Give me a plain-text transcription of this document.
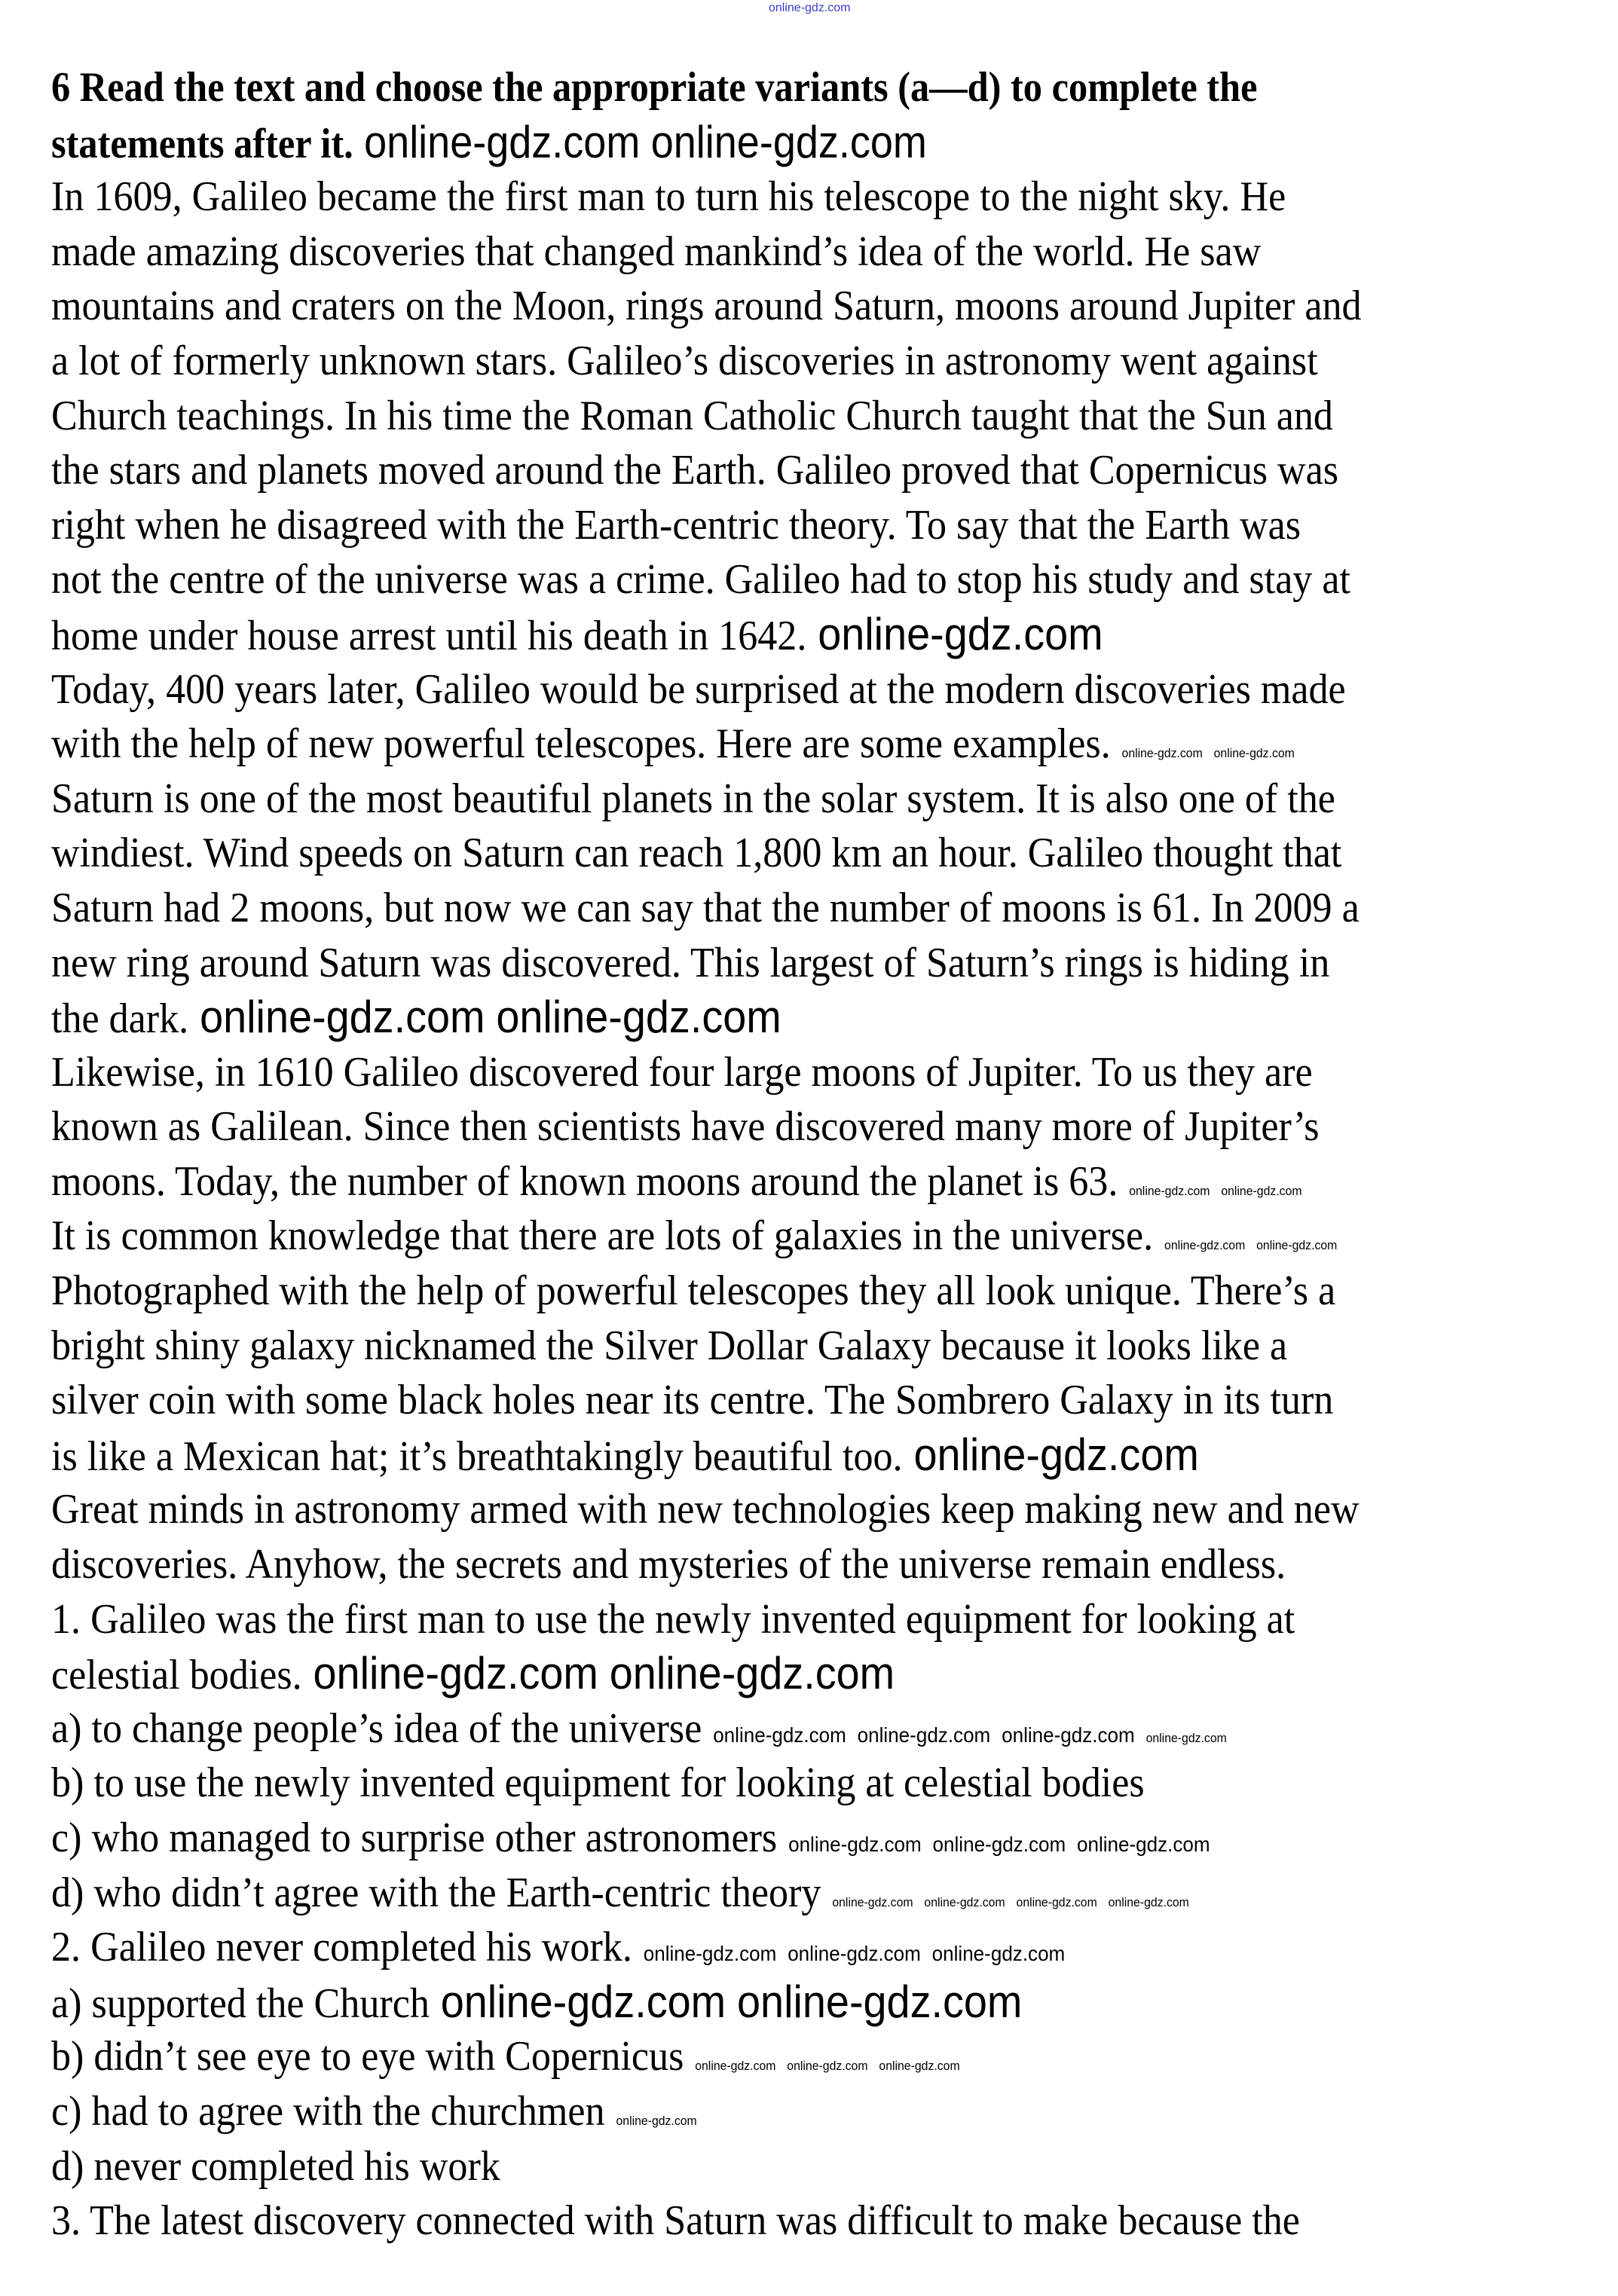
online-gdz.com
6 Read the text and choose the appropriate variants (a—d) to complete the
statements after it. online-gdz.com online-gdz.com
In 1609, Galileo became the first man to turn his telescope to the night sky. He
made amazing discoveries that changed mankind’s idea of the world. He saw
mountains and craters on the Moon, rings around Saturn, moons around Jupiter and
a lot of formerly unknown stars. Galileo’s discoveries in astronomy went against
Church teachings. In his time the Roman Catholic Church taught that the Sun and
the stars and planets moved around the Earth. Galileo proved that Copernicus was
right when he disagreed with the Earth-centric theory. To say that the Earth was
not the centre of the universe was a crime. Galileo had to stop his study and stay at
home under house arrest until his death in 1642. online-gdz.com
Today, 400 years later, Galileo would be surprised at the modern discoveries made
with the help of new powerful telescopes. Here are some examples. online-gdz.com online-gdz.com
Saturn is one of the most beautiful planets in the solar system. It is also one of the
windiest. Wind speeds on Saturn can reach 1,800 km an hour. Galileo thought that
Saturn had 2 moons, but now we can say that the number of moons is 61. In 2009 a
new ring around Saturn was discovered. This largest of Saturn’s rings is hiding in
the dark. online-gdz.com online-gdz.com
Likewise, in 1610 Galileo discovered four large moons of Jupiter. To us they are
known as Galilean. Since then scientists have discovered many more of Jupiter’s
moons. Today, the number of known moons around the planet is 63. online-gdz.com online-gdz.com
It is common knowledge that there are lots of galaxies in the universe. online-gdz.com online-gdz.com
Photographed with the help of powerful telescopes they all look unique. There’s a
bright shiny galaxy nicknamed the Silver Dollar Galaxy because it looks like a
silver coin with some black holes near its centre. The Sombrero Galaxy in its turn
is like a Mexican hat; it’s breathtakingly beautiful too. online-gdz.com
Great minds in astronomy armed with new technologies keep making new and new
discoveries. Anyhow, the secrets and mysteries of the universe remain endless.
1. Galileo was the first man to use the newly invented equipment for looking at
celestial bodies. online-gdz.com online-gdz.com
a) to change people’s idea of the universe online-gdz.com online-gdz.com online-gdz.com online-gdz.com
b) to use the newly invented equipment for looking at celestial bodies
c) who managed to surprise other astronomers online-gdz.com online-gdz.com online-gdz.com
d) who didn’t agree with the Earth-centric theory online-gdz.com online-gdz.com online-gdz.com online-gdz.com
2. Galileo never completed his work. online-gdz.com online-gdz.com online-gdz.com
a) supported the Church online-gdz.com online-gdz.com
b) didn’t see eye to eye with Copernicus online-gdz.com online-gdz.com online-gdz.com
c) had to agree with the churchmen online-gdz.com
d) never completed his work
3. The latest discovery connected with Saturn was difficult to make because the
